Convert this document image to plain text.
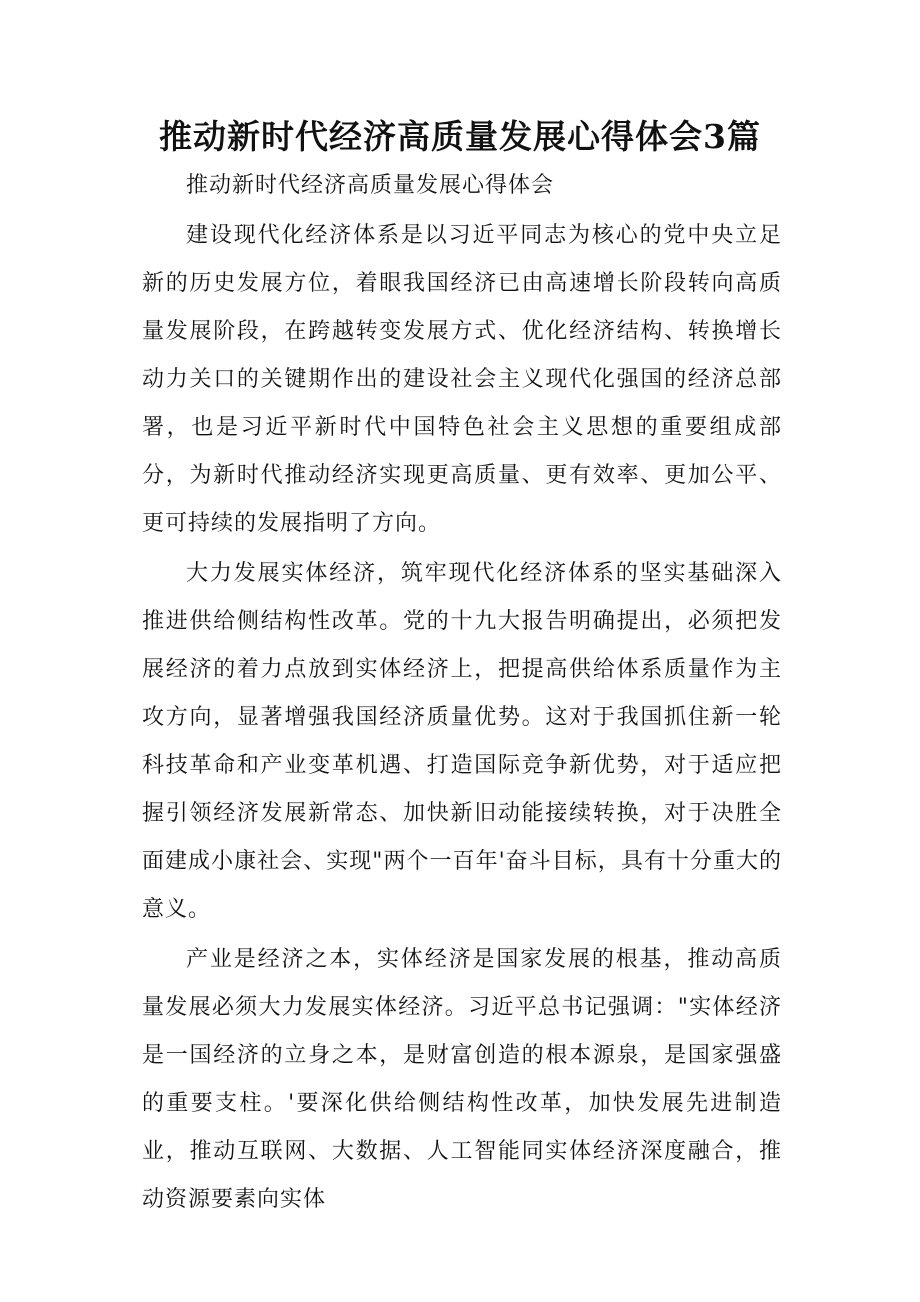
推动新时代经济高质量发展心得体会3篇

推动新时代经济高质量发展心得体会

建设现代化经济体系是以习近平同志为核心的党中央立足新的历史发展方位，着眼我国经济已由高速增长阶段转向高质量发展阶段，在跨越转变发展方式、优化经济结构、转换增长动力关口的关键期作出的建设社会主义现代化强国的经济总部署，也是习近平新时代中国特色社会主义思想的重要组成部分，为新时代推动经济实现更高质量、更有效率、更加公平、更可持续的发展指明了方向。

大力发展实体经济，筑牢现代化经济体系的坚实基础深入推进供给侧结构性改革。党的十九大报告明确提出，必须把发展经济的着力点放到实体经济上，把提高供给体系质量作为主攻方向，显著增强我国经济质量优势。这对于我国抓住新一轮科技革命和产业变革机遇、打造国际竞争新优势，对于适应把握引领经济发展新常态、加快新旧动能接续转换，对于决胜全面建成小康社会、实现"两个一百年'奋斗目标，具有十分重大的意义。

产业是经济之本，实体经济是国家发展的根基，推动高质量发展必须大力发展实体经济。习近平总书记强调："实体经济是一国经济的立身之本，是财富创造的根本源泉，是国家强盛的重要支柱。'要深化供给侧结构性改革，加快发展先进制造业，推动互联网、大数据、人工智能同实体经济深度融合，推动资源要素向实体
